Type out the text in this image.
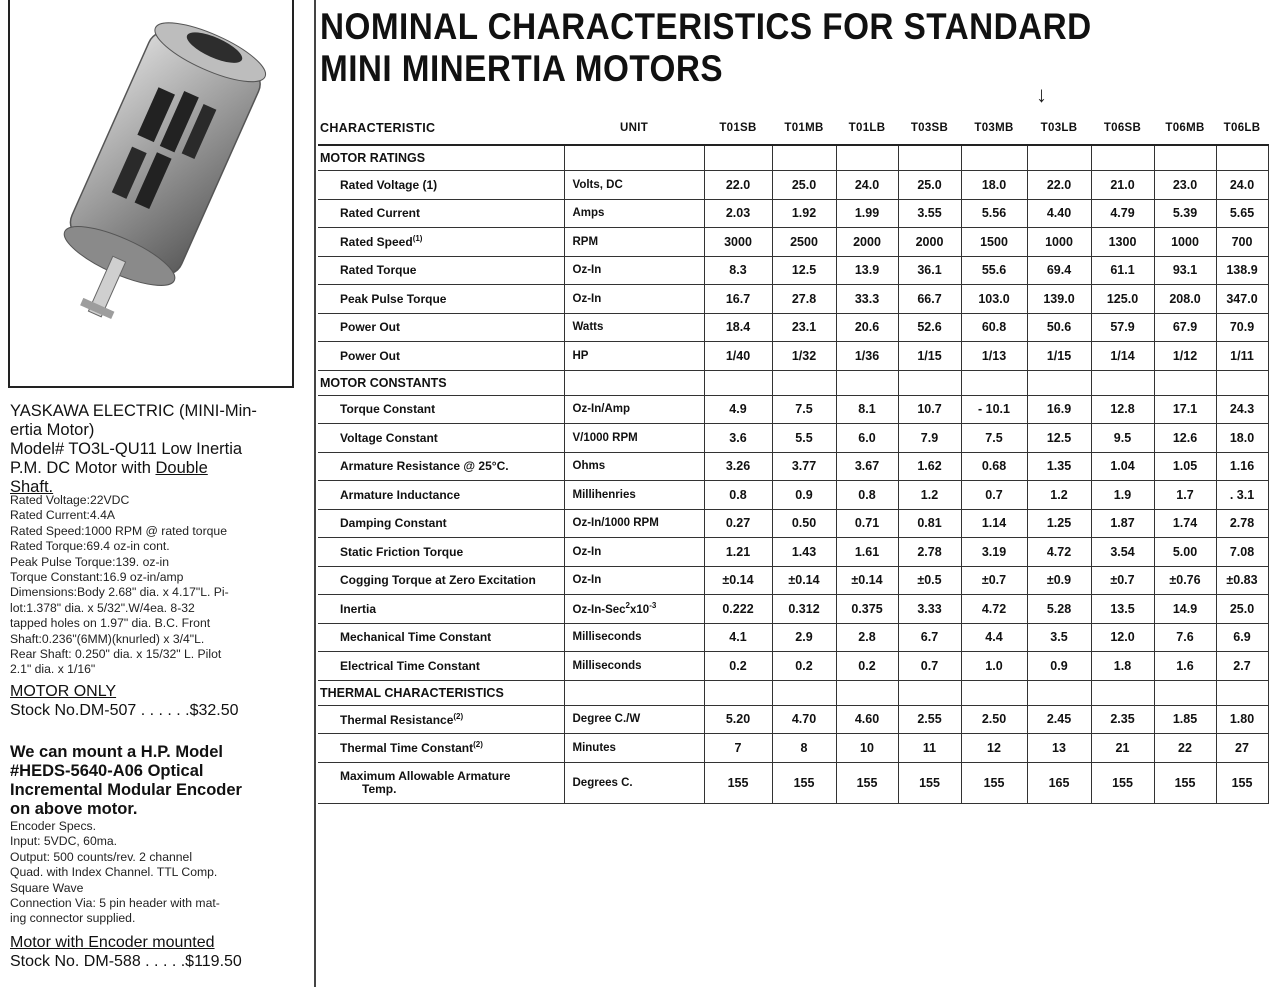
YASKAWA ELECTRIC (MINI-Min-
ertia Motor)
Model# TO3L-QU11 Low Inertia
P.M. DC Motor with Double
Shaft.
Rated Voltage:22VDC
Rated Current:4.4A
Rated Speed:1000 RPM @ rated torque
Rated Torque:69.4 oz-in cont.
Peak Pulse Torque:139. oz-in
Torque Constant:16.9 oz-in/amp
Dimensions:Body 2.68" dia. x 4.17"L. Pi-
lot:1.378" dia. x 5/32".W/4ea. 8-32
tapped holes on 1.97" dia. B.C. Front
Shaft:0.236"(6MM)(knurled) x 3/4"L.
Rear Shaft: 0.250" dia. x 15/32" L. Pilot
2.1" dia. x 1/16"
MOTOR ONLY
Stock No.DM-507 . . . . . .$32.50
We can mount a H.P. Model
#HEDS-5640-A06 Optical
Incremental Modular Encoder
on above motor.
Encoder Specs.
Input: 5VDC, 60ma.
Output: 500 counts/rev. 2 channel
Quad. with Index Channel. TTL Comp.
Square Wave
Connection Via: 5 pin header with mat-
ing connector supplied.
Motor with Encoder mounted
Stock No. DM-588 . . . . .$119.50
NOMINAL CHARACTERISTICS FOR STANDARD
MINI MINERTIA MOTORS
↓
CHARACTERISTIC	UNIT	T01SB	T01MB	T01LB	T03SB	T03MB	T03LB	T06SB	T06MB	T06LB
MOTOR RATINGS										
Rated Voltage (1)	Volts, DC	22.0	25.0	24.0	25.0	18.0	22.0	21.0	23.0	24.0
Rated Current	Amps	2.03	1.92	1.99	3.55	5.56	4.40	4.79	5.39	5.65
Rated Speed$^{(1)}$	RPM	3000	2500	2000	2000	1500	1000	1300	1000	700
Rated Torque	Oz-In	8.3	12.5	13.9	36.1	55.6	69.4	61.1	93.1	138.9
Peak Pulse Torque	Oz-In	16.7	27.8	33.3	66.7	103.0	139.0	125.0	208.0	347.0
Power Out	Watts	18.4	23.1	20.6	52.6	60.8	50.6	57.9	67.9	70.9
Power Out	HP	1/40	1/32	1/36	1/15	1/13	1/15	1/14	1/12	1/11
MOTOR CONSTANTS										
Torque Constant	Oz-In/Amp	4.9	7.5	8.1	10.7	- 10.1	16.9	12.8	17.1	24.3
Voltage Constant	V/1000 RPM	3.6	5.5	6.0	7.9	7.5	12.5	9.5	12.6	18.0
Armature Resistance @ 25°C.	Ohms	3.26	3.77	3.67	1.62	0.68	1.35	1.04	1.05	1.16
Armature Inductance	Millihenries	0.8	0.9	0.8	1.2	0.7	1.2	1.9	1.7	. 3.1
Damping Constant	Oz-In/1000 RPM	0.27	0.50	0.71	0.81	1.14	1.25	1.87	1.74	2.78
Static Friction Torque	Oz-In	1.21	1.43	1.61	2.78	3.19	4.72	3.54	5.00	7.08
Cogging Torque at Zero Excitation	Oz-In	±0.14	±0.14	±0.14	±0.5	±0.7	±0.9	±0.7	±0.76	±0.83
Inertia	$Oz-In-Sec^2x10^{-3}$	0.222	0.312	0.375	3.33	4.72	5.28	13.5	14.9	25.0
Mechanical Time Constant	Milliseconds	4.1	2.9	2.8	6.7	4.4	3.5	12.0	7.6	6.9
Electrical Time Constant	Milliseconds	0.2	0.2	0.2	0.7	1.0	0.9	1.8	1.6	2.7
THERMAL CHARACTERISTICS										
Thermal Resistance$^{(2)}$	Degree C./W	5.20	4.70	4.60	2.55	2.50	2.45	2.35	1.85	1.80
Thermal Time Constant$^{(2)}$	Minutes	7	8	10	11	12	13	21	22	27
Maximum Allowable Armature
Temp.	Degrees C.	155	155	155	155	155	165	155	155	155
